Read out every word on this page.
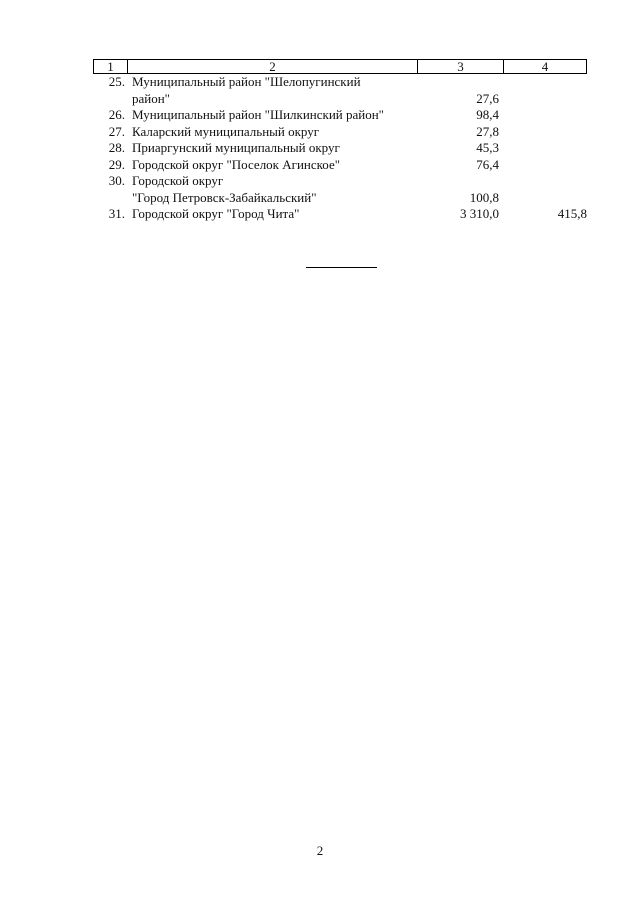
1	2	3	4
25. Муниципальный район "Шелопугинский
район"	27,6
26. Муниципальный район "Шилкинский район"	98,4
27. Каларский муниципальный округ	27,8
28. Приаргунский муниципальный округ	45,3
29. Городской округ "Поселок Агинское"	76,4
30. Городской округ
"Город Петровск-Забайкальский"	100,8
31. Городской округ "Город Чита"	3 310,0	415,8
2
